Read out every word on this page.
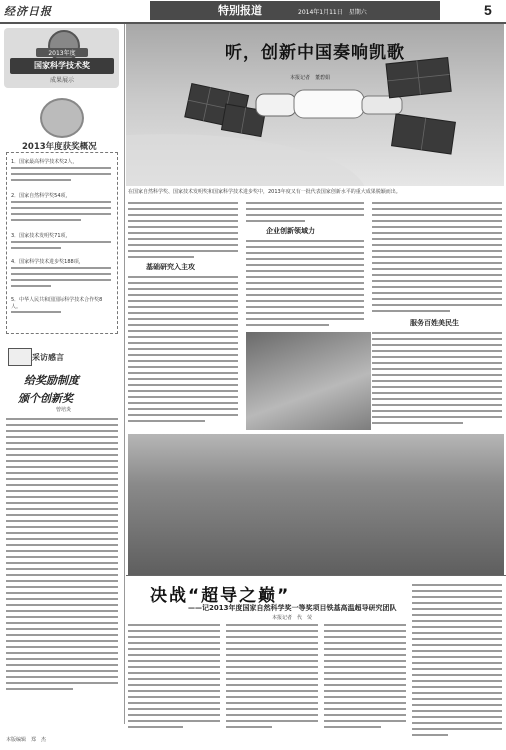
经济日报	特别报道	2014年1月11日　星期六	5
2013年度
国家科学技术奖
成果展示
2013年度获奖概况
1．国家最高科学技术奖2人，
2．国家自然科学奖54项，
3．国家技术发明奖71项，
4．国家科学技术进步奖188项，
5．中华人民共和国国际科学技术合作奖8人。
采访感言
给奖励制度
颁个创新奖
曾培炎
本版编辑　郑　杰
听，创新中国奏响凯歌
本报记者　董碧娟
在国家自然科学奖、国家技术发明奖和国家科学技术进步奖中，2013年度又有一批代表国家创新水平的重大成果脱颖而出。
基础研究入主攻
企业创新领域力
服务百姓美民生
决战“超导之巅”
——记2013年度国家自然科学奖一等奖项目铁基高温超导研究团队
本报记者　代　荧
